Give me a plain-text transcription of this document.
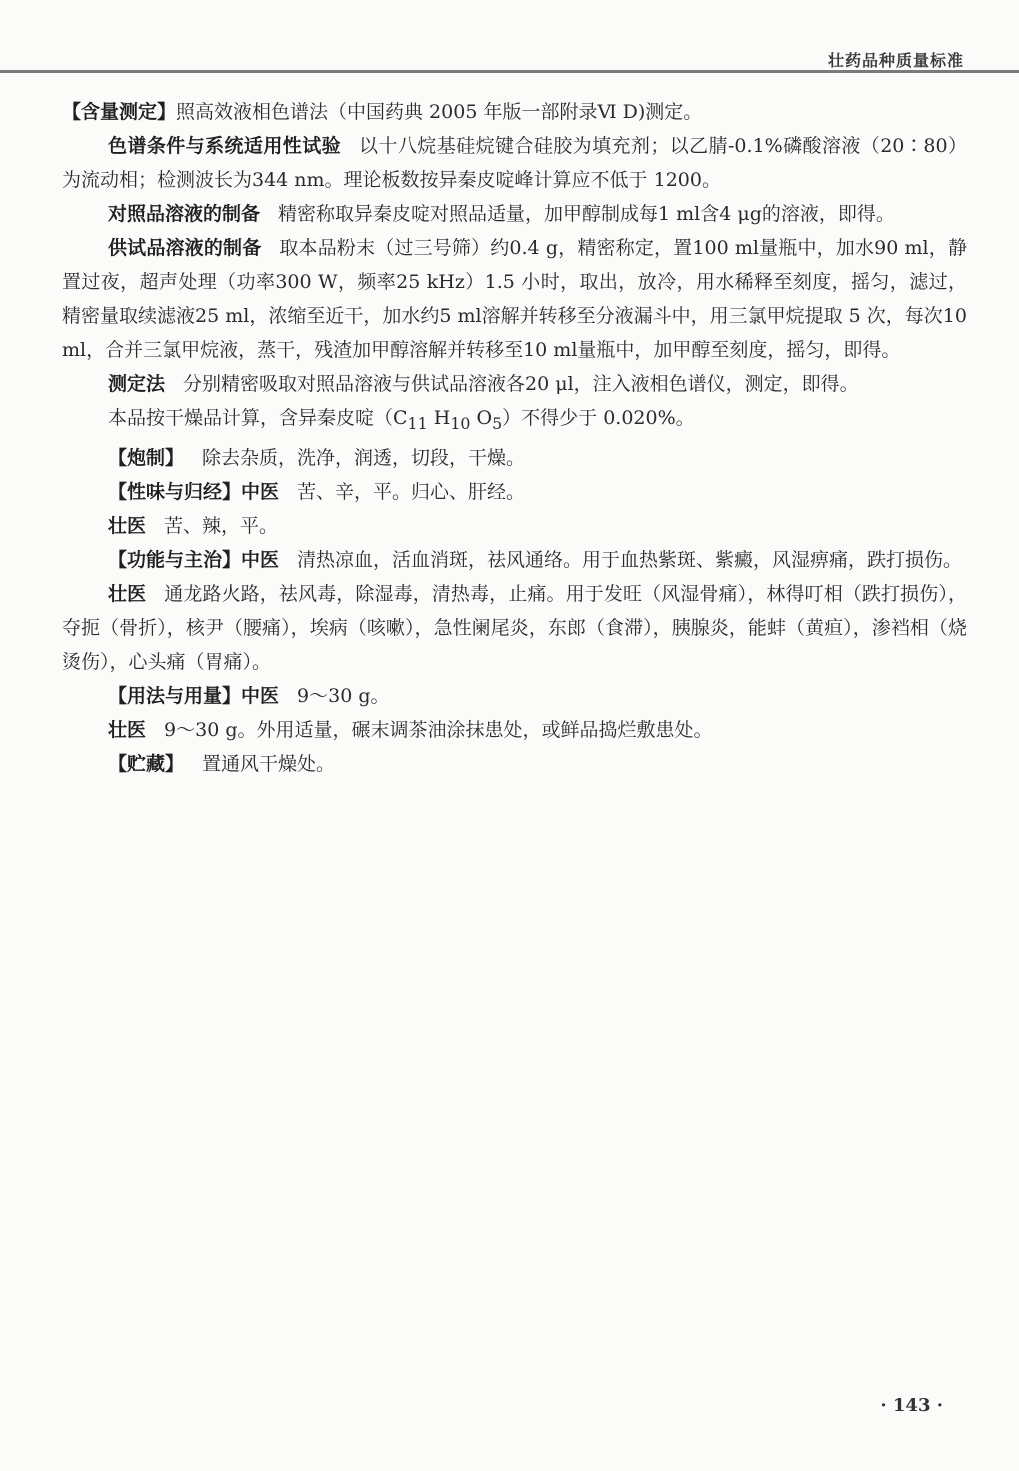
壮药品种质量标准

【含量测定】照高效液相色谱法（中国药典 2005 年版一部附录Ⅵ D)测定。

色谱条件与系统适用性试验 以十八烷基硅烷键合硅胶为填充剂；以乙腈-0.1%磷酸溶液（20∶80）为流动相；检测波长为344 nm。理论板数按异秦皮啶峰计算应不低于 1200。

对照品溶液的制备 精密称取异秦皮啶对照品适量，加甲醇制成每1 ml含4 μg的溶液，即得。

供试品溶液的制备 取本品粉末（过三号筛）约0.4 g，精密称定，置100 ml量瓶中，加水90 ml，静置过夜，超声处理（功率300 W，频率25 kHz）1.5 小时，取出，放冷，用水稀释至刻度，摇匀，滤过，精密量取续滤液25 ml，浓缩至近干，加水约5 ml溶解并转移至分液漏斗中，用三氯甲烷提取 5 次，每次10 ml，合并三氯甲烷液，蒸干，残渣加甲醇溶解并转移至10 ml量瓶中，加甲醇至刻度，摇匀，即得。

测定法 分别精密吸取对照品溶液与供试品溶液各20 μl，注入液相色谱仪，测定，即得。

本品按干燥品计算，含异秦皮啶（$C_{11}$ $H_{10}$ $O_5$）不得少于 0.020%。

【炮制】 除去杂质，洗净，润透，切段，干燥。

【性味与归经】中医 苦、辛，平。归心、肝经。

壮医 苦、辣，平。

【功能与主治】中医 清热凉血，活血消斑，祛风通络。用于血热紫斑、紫癜，风湿痹痛，跌打损伤。

壮医 通龙路火路，祛风毒，除湿毒，清热毒，止痛。用于发旺（风湿骨痛），林得叮相（跌打损伤），夺扼（骨折），核尹（腰痛），埃病（咳嗽），急性阑尾炎，东郎（食滞），胰腺炎，能蚌（黄疸），渗裆相（烧烫伤），心头痛（胃痛）。

【用法与用量】中医 9～30 g。

壮医 9～30 g。外用适量，碾末调茶油涂抹患处，或鲜品捣烂敷患处。

【贮藏】 置通风干燥处。

· 143 ·
